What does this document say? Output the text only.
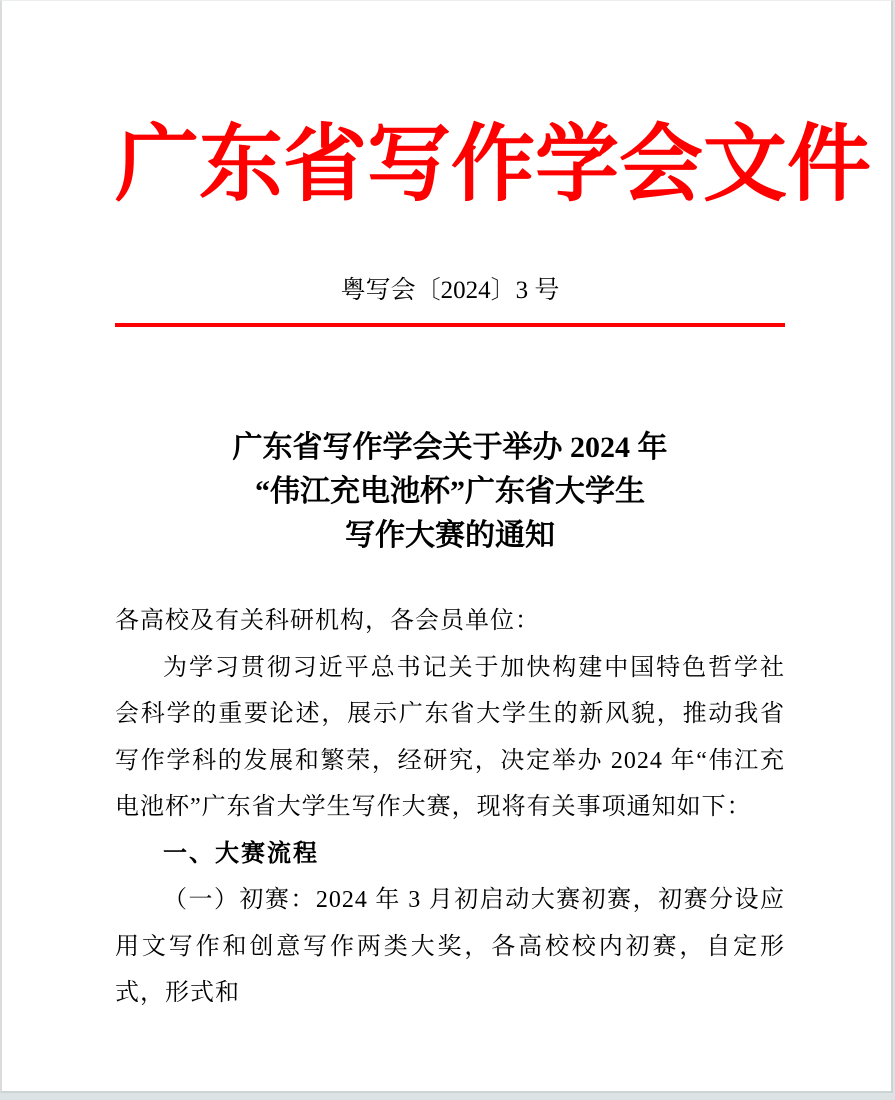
广东省写作学会文件
粤写会〔2024〕3 号
广东省写作学会关于举办 2024 年
“伟江充电池杯”广东省大学生
写作大赛的通知

各高校及有关科研机构，各会员单位：

为学习贯彻习近平总书记关于加快构建中国特色哲学社会科学的重要论述，展示广东省大学生的新风貌，推动我省写作学科的发展和繁荣，经研究，决定举办 2024 年“伟江充电池杯”广东省大学生写作大赛，现将有关事项通知如下：

一、大赛流程

（一）初赛：2024 年 3 月初启动大赛初赛，初赛分设应用文写作和创意写作两类大奖，各高校校内初赛，自定形式，形式和
